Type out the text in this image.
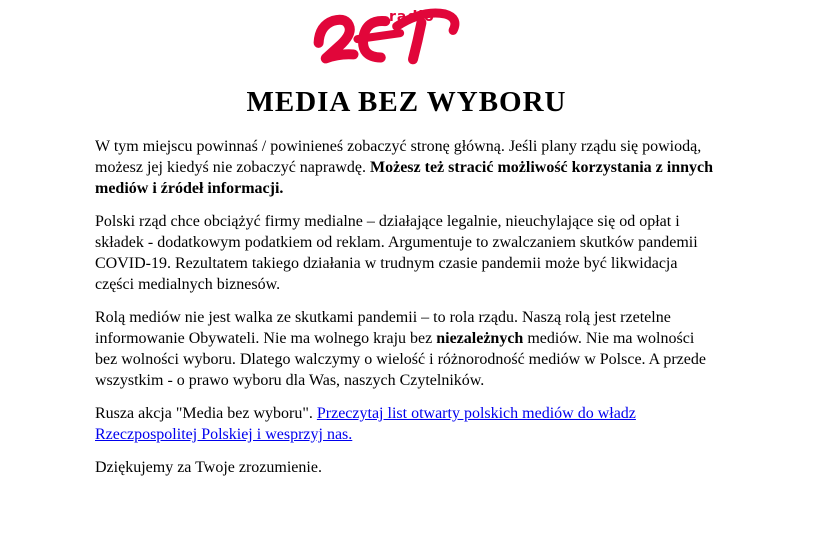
radio
MEDIA BEZ WYBORU

W tym miejscu powinnaś / powinieneś zobaczyć stronę główną. Jeśli plany rządu się powiodą, możesz jej kiedyś nie zobaczyć naprawdę. Możesz też stracić możliwość korzystania z innych mediów i źródeł informacji.

Polski rząd chce obciążyć firmy medialne – działające legalnie, nieuchylające się od opłat i składek - dodatkowym podatkiem od reklam. Argumentuje to zwalczaniem skutków pandemii COVID-19. Rezultatem takiego działania w trudnym czasie pandemii może być likwidacja części medialnych biznesów.

Rolą mediów nie jest walka ze skutkami pandemii – to rola rządu. Naszą rolą jest rzetelne informowanie Obywateli. Nie ma wolnego kraju bez niezależnych mediów. Nie ma wolności bez wolności wyboru. Dlatego walczymy o wielość i różnorodność mediów w Polsce. A przede wszystkim - o prawo wyboru dla Was, naszych Czytelników.

Rusza akcja "Media bez wyboru". Przeczytaj list otwarty polskich mediów do władz Rzeczpospolitej Polskiej i wesprzyj nas.

Dziękujemy za Twoje zrozumienie.
